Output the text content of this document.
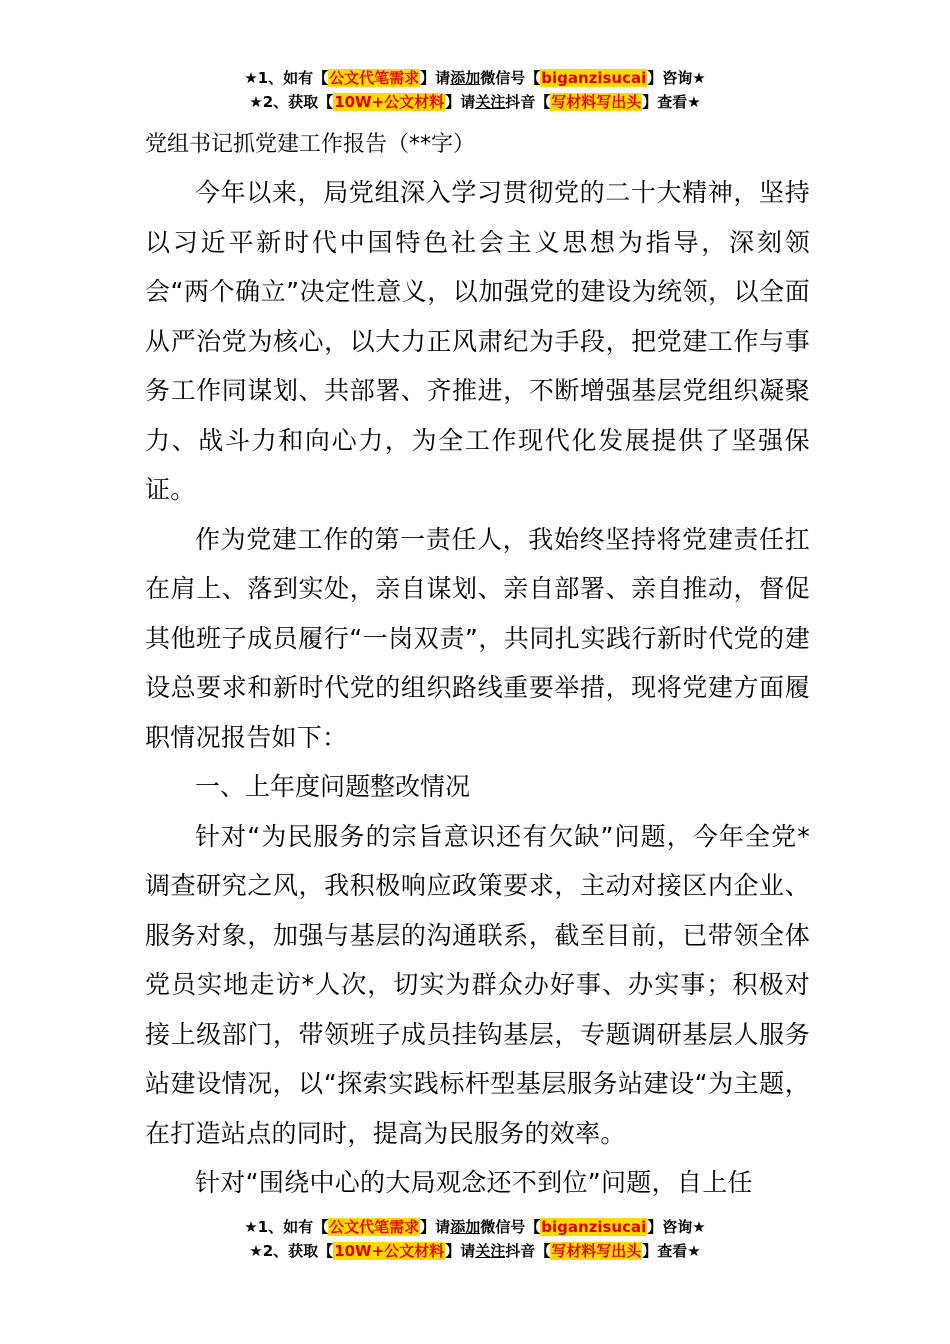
★1、如有【公文代笔需求】请添加微信号【biganzisucai】咨询★
★2、获取【10W+公文材料】请关注抖音【写材料写出头】查看★
党组书记抓党建工作报告（**字）

今年以来，局党组深入学习贯彻党的二十大精神，坚持以习近平新时代中国特色社会主义思想为指导，深刻领会“两个确立”决定性意义，以加强党的建设为统领，以全面从严治党为核心，以大力正风肃纪为手段，把党建工作与事务工作同谋划、共部署、齐推进，不断增强基层党组织凝聚力、战斗力和向心力，为全工作现代化发展提供了坚强保证。

作为党建工作的第一责任人，我始终坚持将党建责任扛在肩上、落到实处，亲自谋划、亲自部署、亲自推动，督促其他班子成员履行“一岗双责”，共同扎实践行新时代党的建设总要求和新时代党的组织路线重要举措，现将党建方面履职情况报告如下：

一、上年度问题整改情况

针对“为民服务的宗旨意识还有欠缺”问题，今年全党*调查研究之风，我积极响应政策要求，主动对接区内企业、服务对象，加强与基层的沟通联系，截至目前，已带领全体党员实地走访*人次，切实为群众办好事、办实事；积极对接上级部门，带领班子成员挂钩基层，专题调研基层人服务站建设情况，以“探索实践标杆型基层服务站建设“为主题，在打造站点的同时，提高为民服务的效率。

针对“围绕中心的大局观念还不到位”问题，自上任

★1、如有【公文代笔需求】请添加微信号【biganzisucai】咨询★
★2、获取【10W+公文材料】请关注抖音【写材料写出头】查看★
